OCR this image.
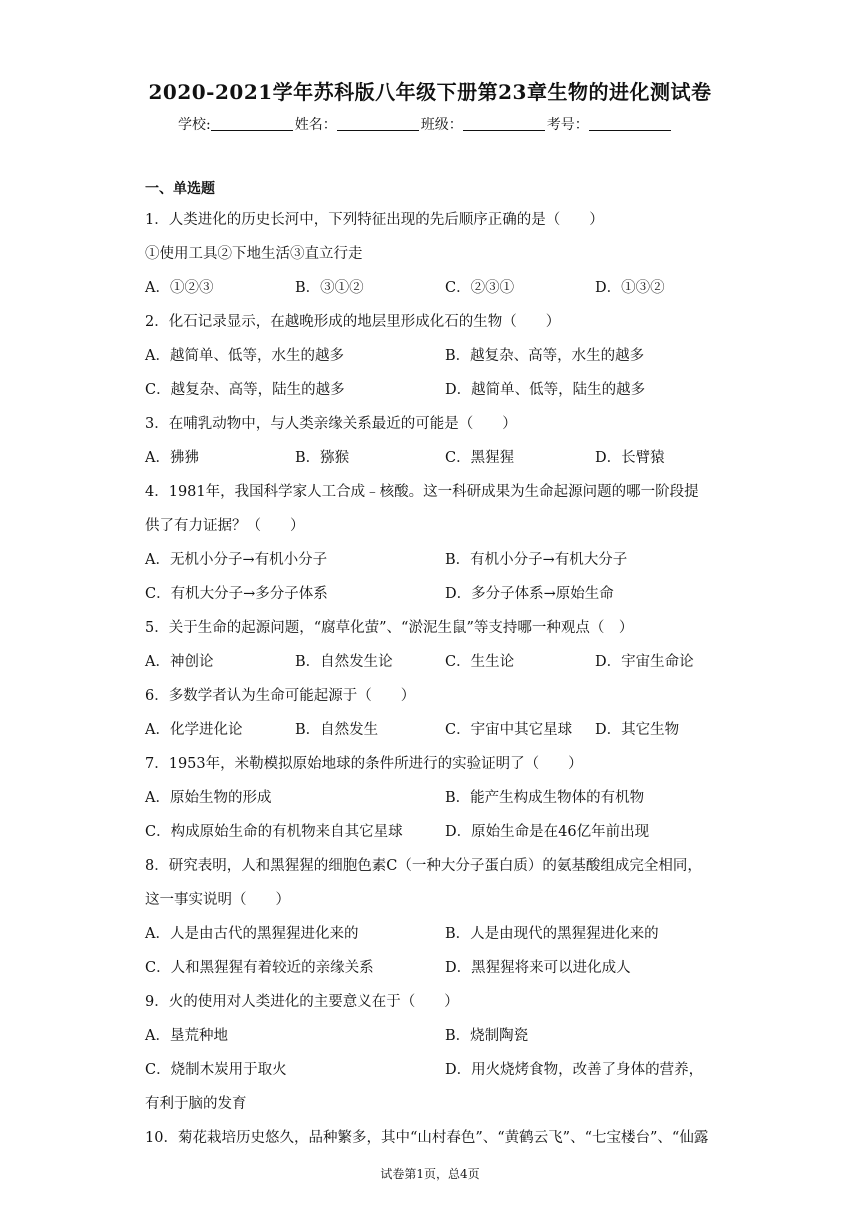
2020-2021学年苏科版八年级下册第23章生物的进化测试卷
学校:	姓名：	班级：	考号：
一、单选题
1．人类进化的历史长河中，下列特征出现的先后顺序正确的是（　　）
①使用工具②下地生活③直立行走
A．①②③	B．③①②	C．②③①	D．①③②
2．化石记录显示，在越晚形成的地层里形成化石的生物（　　）
A．越简单、低等，水生的越多	B．越复杂、高等，水生的越多
C．越复杂、高等，陆生的越多	D．越简单、低等，陆生的越多
3．在哺乳动物中，与人类亲缘关系最近的可能是（　　）
A．狒狒	B．猕猴	C．黑猩猩	D．长臂猿
4．1981年，我国科学家人工合成﹣核酸。这一科研成果为生命起源问题的哪一阶段提
供了有力证据？（　　）
A．无机小分子→有机小分子	B．有机小分子→有机大分子
C．有机大分子→多分子体系	D．多分子体系→原始生命
5．关于生命的起源问题，“腐草化萤”、“淤泥生鼠”等支持哪一种观点（　）
A．神创论	B．自然发生论	C．生生论	D．宇宙生命论
6．多数学者认为生命可能起源于（　　）
A．化学进化论	B．自然发生	C．宇宙中其它星球 D．其它生物
7．1953年，米勒模拟原始地球的条件所进行的实验证明了（　　）
A．原始生物的形成	B．能产生构成生物体的有机物
C．构成原始生命的有机物来自其它星球	D．原始生命是在46亿年前出现
8．研究表明，人和黑猩猩的细胞色素C（一种大分子蛋白质）的氨基酸组成完全相同，
这一事实说明（　　）
A．人是由古代的黑猩猩进化来的	B．人是由现代的黑猩猩进化来的
C．人和黑猩猩有着较近的亲缘关系	D．黑猩猩将来可以进化成人
9．火的使用对人类进化的主要意义在于（　　）
A．垦荒种地	B．烧制陶瓷
C．烧制木炭用于取火	D．用火烧烤食物，改善了身体的营养，
有利于脑的发育
10．菊花栽培历史悠久，品种繁多，其中“山村春色”、“黄鹤云飞”、“七宝楼台”、“仙露
试卷第1页，总4页
